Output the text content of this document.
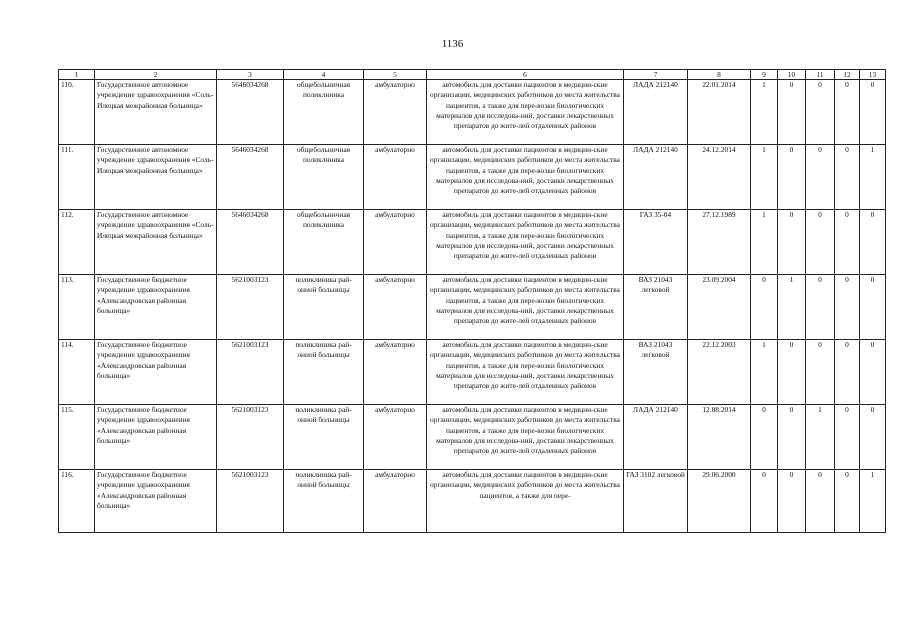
1136
1	2	3	4	5	6	7	8	9	10	11	12	13
110.	Государственное автономное учреждение здравоохранения «Соль-Илецкая межрайонная больница»	5646034268	общебольничная поликлиника	амбулаторно	автомобиль для доставки пациентов в медицин-ские организации, медицинских работников до места жительства пациентов, а также для пере-возки биологических материалов для исследова-ний, доставки лекарственных препаратов до жите-лей отдаленных районов	ЛАДА 212140	22.01.2014	1	0	0	0	0
111.	Государственное автономное учреждение здравоохранения «Соль-Илецкая межрайонная больница»	5646034268	общебольничная поликлиника	амбулаторно	автомобиль для доставки пациентов в медицин-ские организации, медицинских работников до места жительства пациентов, а также для пере-возки биологических материалов для исследова-ний, доставки лекарственных препаратов до жите-лей отдаленных районов	ЛАДА 212140	24.12.2014	1	0	0	0	1
112.	Государственное автономное учреждение здравоохранения «Соль-Илецкая межрайонная больница»	5646034268	общебольничная поликлиника	амбулаторно	автомобиль для доставки пациентов в медицин-ские организации, медицинских работников до места жительства пациентов, а также для пере-возки биологических материалов для исследова-ний, доставки лекарственных препаратов до жите-лей отдаленных районов	ГАЗ 35-04	27.12.1989	1	0	0	0	0
113.	Государственное бюджетное учреждение здравоохранения «Александровская районная больница»	5621003123	поликлиника рай-онной больницы	амбулаторно	автомобиль для доставки пациентов в медицин-ские организации, медицинских работников до места жительства пациентов, а также для пере-возки биологических материалов для исследова-ний, доставки лекарственных препаратов до жите-лей отдаленных районов	ВАЗ 21043 легковой	23.09.2004	0	1	0	0	0
114.	Государственное бюджетное учреждение здравоохранения «Александровская районная больница»	5621003123	поликлиника рай-онной больницы	амбулаторно	автомобиль для доставки пациентов в медицин-ские организации, медицинских работников до места жительства пациентов, а также для пере-возки биологических материалов для исследова-ний, доставки лекарственных препаратов до жите-лей отдаленных районов	ВАЗ 21043 легковой	22.12.2003	1	0	0	0	0
115.	Государственное бюджетное учреждение здравоохранения «Александровская районная больница»	5621003123	поликлиника рай-онной больницы	амбулаторно	автомобиль для доставки пациентов в медицин-ские организации, медицинских работников до места жительства пациентов, а также для пере-возки биологических материалов для исследова-ний, доставки лекарственных препаратов до жите-лей отдаленных районов	ЛАДА 212140	12.08.2014	0	0	1	0	0
116.	Государственное бюджетное учреждение здравоохранения «Александровская районная больница»	5621003123	поликлиника рай-онной больницы	амбулаторно	автомобиль для доставки пациентов в медицин-ские организации, медицинских работников до места жительства пациентов, а также для пере-	ГАЗ 3102 легковой	29.06.2000	0	0	0	0	1
